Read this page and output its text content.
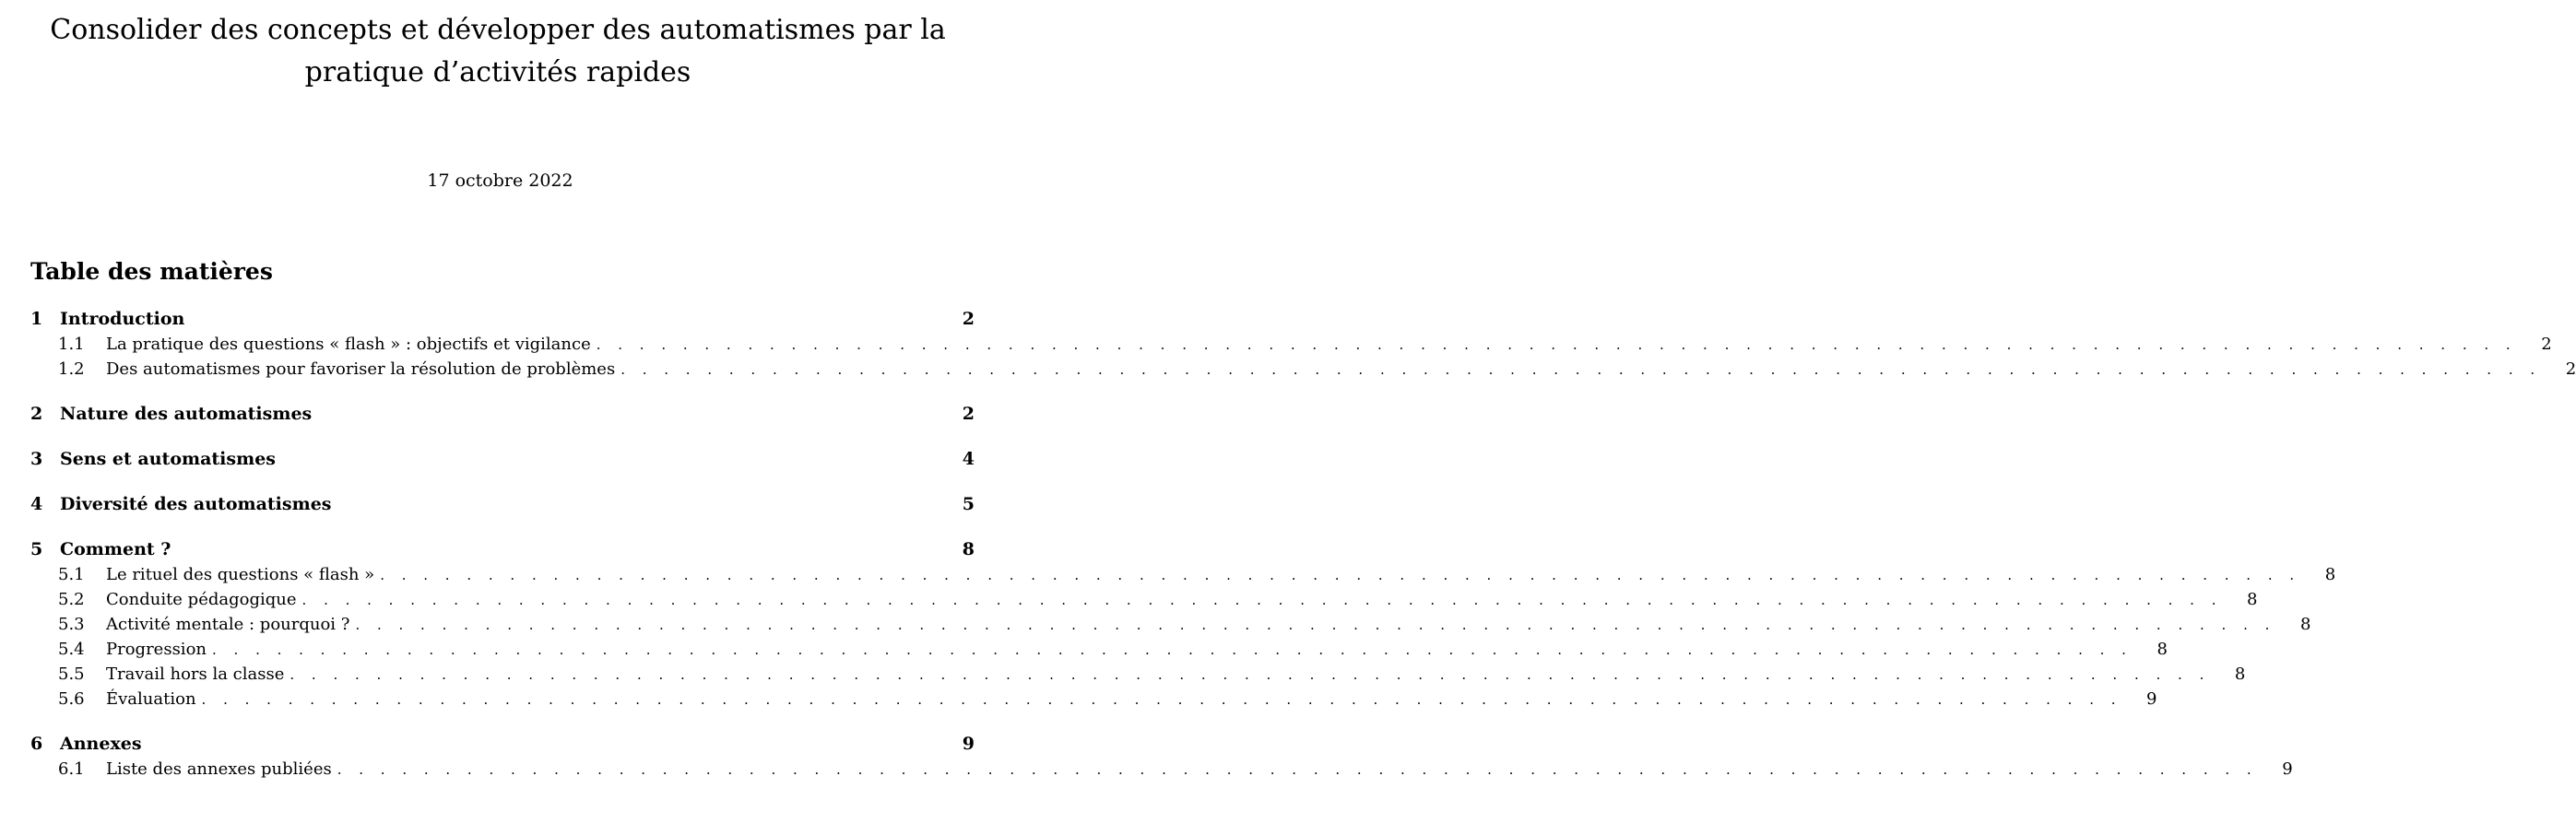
Consolider des concepts et développer des automatismes par la
pratique d’activités rapides
17 octobre 2022
Table des matières
1 Introduction	2
1.1	La pratique des questions « flash » : objectifs et vigilance . . . . . . . . . . . . . . . . . . . . . . . . . . . . . . . . . . . . . . . . . . . . . . . . . . . . . . . . . . . . . . . . . . . . . . . . . . . . . . . . . . . . . . . . .	2
1.2	Des automatismes pour favoriser la résolution de problèmes . . . . . . . . . . . . . . . . . . . . . . . . . . . . . . . . . . . . . . . . . . . . . . . . . . . . . . . . . . . . . . . . . . . . . . . . . . . . . . . . . . . . . . . . .	2
2 Nature des automatismes	2
3 Sens et automatismes	4
4 Diversité des automatismes	5
5 Comment ?	8
5.1	Le rituel des questions « flash » . . . . . . . . . . . . . . . . . . . . . . . . . . . . . . . . . . . . . . . . . . . . . . . . . . . . . . . . . . . . . . . . . . . . . . . . . . . . . . . . . . . . . . . . .	8
5.2	Conduite pédagogique . . . . . . . . . . . . . . . . . . . . . . . . . . . . . . . . . . . . . . . . . . . . . . . . . . . . . . . . . . . . . . . . . . . . . . . . . . . . . . . . . . . . . . . . .	8
5.3	Activité mentale : pourquoi ? . . . . . . . . . . . . . . . . . . . . . . . . . . . . . . . . . . . . . . . . . . . . . . . . . . . . . . . . . . . . . . . . . . . . . . . . . . . . . . . . . . . . . . . . .	8
5.4	Progression . . . . . . . . . . . . . . . . . . . . . . . . . . . . . . . . . . . . . . . . . . . . . . . . . . . . . . . . . . . . . . . . . . . . . . . . . . . . . . . . . . . . . . . . .	8
5.5	Travail hors la classe . . . . . . . . . . . . . . . . . . . . . . . . . . . . . . . . . . . . . . . . . . . . . . . . . . . . . . . . . . . . . . . . . . . . . . . . . . . . . . . . . . . . . . . . .	8
5.6	Évaluation . . . . . . . . . . . . . . . . . . . . . . . . . . . . . . . . . . . . . . . . . . . . . . . . . . . . . . . . . . . . . . . . . . . . . . . . . . . . . . . . . . . . . . . . .	9
6 Annexes	9
6.1	Liste des annexes publiées . . . . . . . . . . . . . . . . . . . . . . . . . . . . . . . . . . . . . . . . . . . . . . . . . . . . . . . . . . . . . . . . . . . . . . . . . . . . . . . . . . . . . . . . .	9
